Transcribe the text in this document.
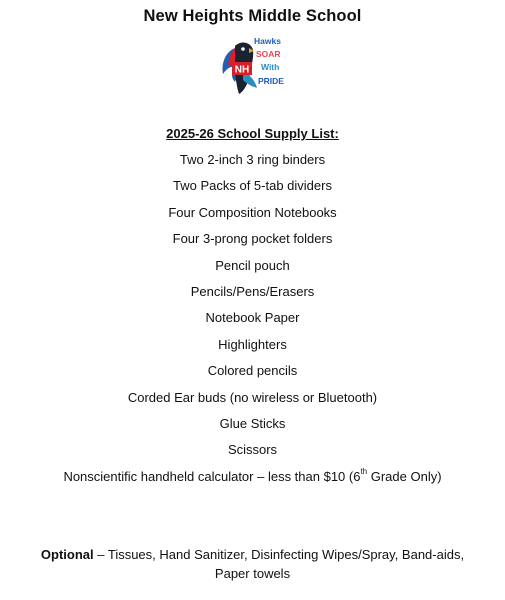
New Heights Middle School
NH
Hawks
SOAR
With
PRIDE
2025-26 School Supply List:
Two 2-inch 3 ring binders
Two Packs of 5-tab dividers
Four Composition Notebooks
Four 3-prong pocket folders
Pencil pouch
Pencils/Pens/Erasers
Notebook Paper
Highlighters
Colored pencils
Corded Ear buds (no wireless or Bluetooth)
Glue Sticks
Scissors
Nonscientific handheld calculator – less than $10 (6th Grade Only)
Optional – Tissues, Hand Sanitizer, Disinfecting Wipes/Spray, Band-aids, Paper towels
